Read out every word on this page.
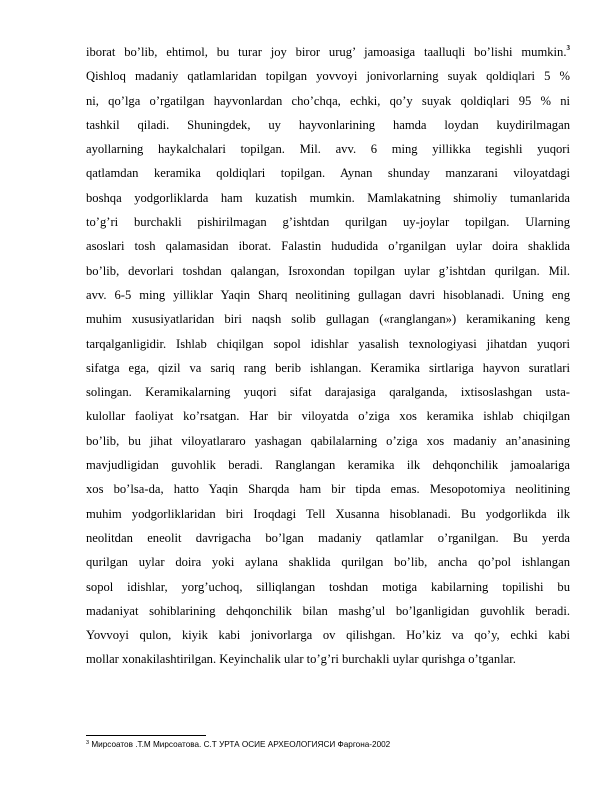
iborat bo’lib, ehtimol, bu turar joy biror urug’ jamoasiga taalluqli bo’lishi mumkin.$^3$
Qishloq madaniy qatlamlaridan topilgan yovvoyi jonivorlarning suyak qoldiqlari 5 %
ni, qo’lga o’rgatilgan hayvonlardan cho’chqa, echki, qo’y suyak qoldiqlari 95 % ni
tashkil qiladi. Shuningdek, uy hayvonlarining hamda loydan kuydirilmagan
ayollarning haykalchalari topilgan. Mil. avv. 6 ming yillikka tegishli yuqori
qatlamdan keramika qoldiqlari topilgan. Aynan shunday manzarani viloyatdagi
boshqa yodgorliklarda ham kuzatish mumkin. Mamlakatning shimoliy tumanlarida
to’g’ri burchakli pishirilmagan g’ishtdan qurilgan uy-joylar topilgan. Ularning
asoslari tosh qalamasidan iborat. Falastin hududida o’rganilgan uylar doira shaklida
bo’lib, devorlari toshdan qalangan, Isroxondan topilgan uylar g’ishtdan qurilgan. Mil.
avv. 6-5 ming yilliklar Yaqin Sharq neolitining gullagan davri hisoblanadi. Uning eng
muhim xususiyatlaridan biri naqsh solib gullagan («ranglangan») keramikaning keng
tarqalganligidir. Ishlab chiqilgan sopol idishlar yasalish texnologiyasi jihatdan yuqori
sifatga ega, qizil va sariq rang berib ishlangan. Keramika sirtlariga hayvon suratlari
solingan. Keramikalarning yuqori sifat darajasiga qaralganda, ixtisoslashgan usta-
kulollar faoliyat ko’rsatgan. Har bir viloyatda o’ziga xos keramika ishlab chiqilgan
bo’lib, bu jihat viloyatlararo yashagan qabilalarning o’ziga xos madaniy an’anasining
mavjudligidan guvohlik beradi. Ranglangan keramika ilk dehqonchilik jamoalariga
xos bo’lsa-da, hatto Yaqin Sharqda ham bir tipda emas. Mesopotomiya neolitining
muhim yodgorliklaridan biri Iroqdagi Tell Xusanna hisoblanadi. Bu yodgorlikda ilk
neolitdan eneolit davrigacha bo’lgan madaniy qatlamlar o’rganilgan. Bu yerda
qurilgan uylar doira yoki aylana shaklida qurilgan bo’lib, ancha qo’pol ishlangan
sopol idishlar, yorg’uchoq, silliqlangan toshdan motiga kabilarning topilishi bu
madaniyat sohiblarining dehqonchilik bilan mashg’ul bo’lganligidan guvohlik beradi.
Yovvoyi qulon, kiyik kabi jonivorlarga ov qilishgan. Ho’kiz va qo’y, echki kabi
mollar xonakilashtirilgan. Keyinchalik ular to’g’ri burchakli uylar qurishga o’tganlar.
$^3$ Мирсоатов .Т.М Мирсоатова. С.Т УРТА ОСИЕ АРХЕОЛОГИЯСИ Фаргона-2002
